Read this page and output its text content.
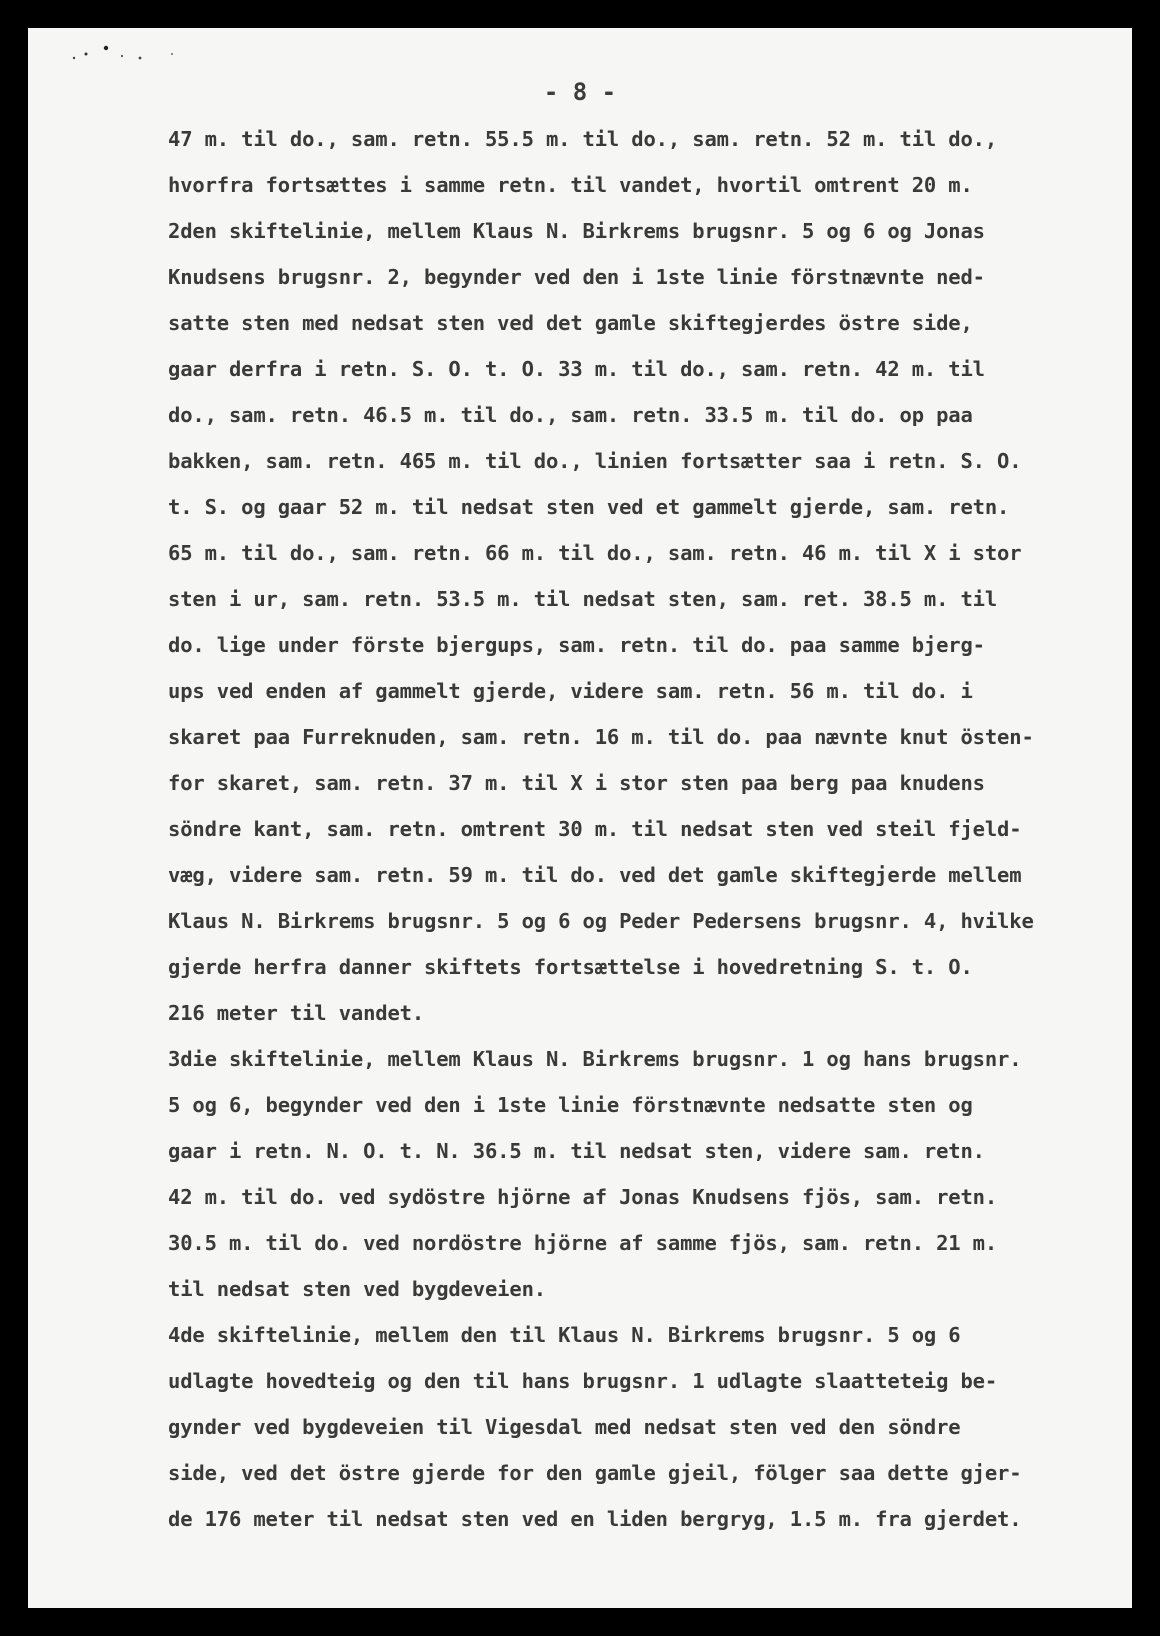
- 8 -

47 m. til do., sam. retn. 55.5 m. til do., sam. retn. 52 m. til do.,
hvorfra fortsættes i samme retn. til vandet, hvortil omtrent 20 m.
2den skiftelinie, mellem Klaus N. Birkrems brugsnr. 5 og 6 og Jonas
Knudsens brugsnr. 2, begynder ved den i 1ste linie förstnævnte ned-
satte sten med nedsat sten ved det gamle skiftegjerdes östre side,
gaar derfra i retn. S. O. t. O. 33 m. til do., sam. retn. 42 m. til
do., sam. retn. 46.5 m. til do., sam. retn. 33.5 m. til do. op paa
bakken, sam. retn. 465 m. til do., linien fortsætter saa i retn. S. O.
t. S. og gaar 52 m. til nedsat sten ved et gammelt gjerde, sam. retn.
65 m. til do., sam. retn. 66 m. til do., sam. retn. 46 m. til X i stor
sten i ur, sam. retn. 53.5 m. til nedsat sten, sam. ret. 38.5 m. til
do. lige under förste bjergups, sam. retn. til do. paa samme bjerg-
ups ved enden af gammelt gjerde, videre sam. retn. 56 m. til do. i
skaret paa Furreknuden, sam. retn. 16 m. til do. paa nævnte knut östen-
for skaret, sam. retn. 37 m. til X i stor sten paa berg paa knudens
söndre kant, sam. retn. omtrent 30 m. til nedsat sten ved steil fjeld-
væg, videre sam. retn. 59 m. til do. ved det gamle skiftegjerde mellem
Klaus N. Birkrems brugsnr. 5 og 6 og Peder Pedersens brugsnr. 4, hvilke
gjerde herfra danner skiftets fortsættelse i hovedretning S. t. O.
216 meter til vandet.
3die skiftelinie, mellem Klaus N. Birkrems brugsnr. 1 og hans brugsnr.
5 og 6, begynder ved den i 1ste linie förstnævnte nedsatte sten og
gaar i retn. N. O. t. N. 36.5 m. til nedsat sten, videre sam. retn.
42 m. til do. ved sydöstre hjörne af Jonas Knudsens fjös, sam. retn.
30.5 m. til do. ved nordöstre hjörne af samme fjös, sam. retn. 21 m.
til nedsat sten ved bygdeveien.
4de skiftelinie, mellem den til Klaus N. Birkrems brugsnr. 5 og 6
udlagte hovedteig og den til hans brugsnr. 1 udlagte slaatteteig be-
gynder ved bygdeveien til Vigesdal med nedsat sten ved den söndre
side, ved det östre gjerde for den gamle gjeil, fölger saa dette gjer-
de 176 meter til nedsat sten ved en liden bergryg, 1.5 m. fra gjerdet.
